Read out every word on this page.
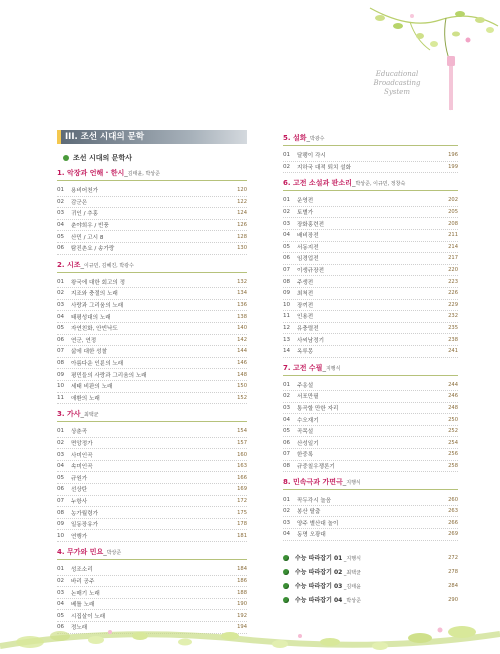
Educational
Broadcasting
System
III. 조선 시대의 문학
조선 시대의 문학사
1. 악장과 언해 · 한시_김태윤, 박상준
01	용비어천가	120
02	감군은	122
03	귀인 / 추홍	124
04	춘야희우 / 빈풍	126
05	산민 / 고시 8	128
06	탐진촌요 / 송가랑	130
2. 시조_이규민, 김혜진, 박광수
01	왕국에 대한 회고의 정	132
02	지조와 충절의 노래	134
03	사랑과 그리움의 노래	136
04	태평성대의 노래	138
05	자연친화, 안빈낙도	140
06	연군, 연정	142
07	삶에 대한 성찰	144
08	아름다운 인륜의 노래	146
09	평민들의 사랑과 그리움의 노래	148
10	세태 비판의 노래	150
11	애환의 노래	152
3. 가사_최택균
01	상춘곡	154
02	면앙정가	157
03	사미인곡	160
04	속미인곡	163
05	규원가	166
06	선상탄	169
07	누항사	172
08	농가월령가	175
09	일동장유가	178
10	연행가	181
4. 무가와 민요_박상준
01	성조소리	184
02	바리 공주	186
03	논매기 노래	188
04	베틀 노래	190
05	시집살이 노래	192
06	정노래	194
5. 설화_박광수
01	달팽이 각시	196
02	지하국 대적 퇴치 설화	199
6. 고전 소설과 판소리_박상준, 이규민, 정창숙
01	운영전	202
02	토별가	205
03	장화홍련전	208
04	배비장전	211
05	서동지전	214
06	임경업전	217
07	이생규장전	220
08	주생전	223
09	최척전	226
10	장끼전	229
11	인용전	232
12	유충렬전	235
13	사씨남정기	238
14	옥루몽	241
7. 고전 수필_지행식
01	주옹설	244
02	서포만필	246
03	통곡할 만한 자리	248
04	수오재기	250
05	곡목설	252
06	산성일기	254
07	한중록	256
08	규중칠우쟁론기	258
8. 민속극과 가면극_지행식
01	꼭두각시 놀음	260
02	봉산 탈춤	263
03	양주 별산대 놀이	266
04	동명 오광대	269
수능 따라잡기 01 _지행식	272
수능 따라잡기 02 _최택균	278
수능 따라잡기 03 _김태윤	284
수능 따라잡기 04 _박상준	290
